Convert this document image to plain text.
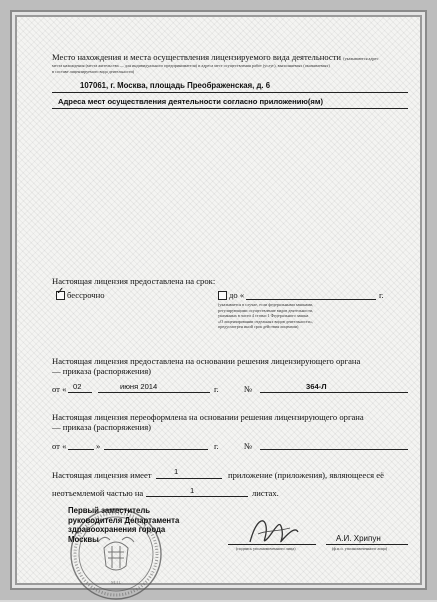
Место нахождения и места осуществления лицензируемого вида деятельности (указываются адрес
места нахождения (места жительства — для индивидуального предпринимателя) и адреса мест осуществления работ (услуг), выполняемых (оказываемых)
в составе лицензируемого вида деятельности)
107061, г. Москва, площадь Преображенская, д. 6
Адреса мест осуществления деятельности согласно приложению(ям)
Настоящая лицензия предоставлена на срок:
✓
бессрочно	до «	г.
(указывается в случае, если федеральными законами,
регулирующими осуществление видов деятельности,
указанных в части 4 статьи 1 Федерального закона
«О лицензировании отдельных видов деятельности»,
предусмотрен иной срок действия лицензии)
Настоящая лицензия предоставлена на основании решения лицензирующего органа
— приказа (распоряжения)
от « 02	июня 2014	г.	№	364-Л
Настоящая лицензия переоформлена на основании решения лицензирующего органа
— приказа (распоряжения)
от «	»	г.	№
Настоящая лицензия имеет	1	приложение (приложения), являющееся её
неотъемлемой частью на	1	листах.
М.П.
Первый заместитель
руководителя Департамента
здравоохранения города
Москвы
(подпись уполномоченного лица)
А.И. Хрипун
(ф.и.о. уполномоченного лица)
